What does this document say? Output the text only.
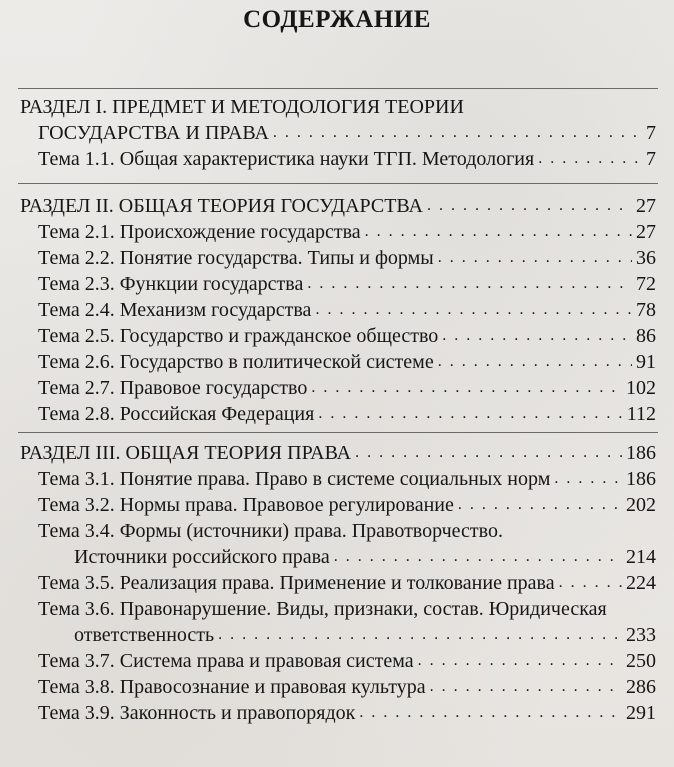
СОДЕРЖАНИЕ
РАЗДЕЛ I. ПРЕДМЕТ И МЕТОДОЛОГИЯ ТЕОРИИ
ГОСУДАРСТВА И ПРАВА . . .	7
Тема 1.1. Общая характеристика науки ТГП. Методология . . .	7
РАЗДЕЛ II. ОБЩАЯ ТЕОРИЯ ГОСУДАРСТВА . . .	27
Тема 2.1. Происхождение государства . . .	27
Тема 2.2. Понятие государства. Типы и формы . . .	36
Тема 2.3. Функции государства . . .	72
Тема 2.4. Механизм государства . . .	78
Тема 2.5. Государство и гражданское общество . . .	86
Тема 2.6. Государство в политической системе . . .	91
Тема 2.7. Правовое государство . . .	102
Тема 2.8. Российская Федерация . . .	112
РАЗДЕЛ III. ОБЩАЯ ТЕОРИЯ ПРАВА . . .	186
Тема 3.1. Понятие права. Право в системе социальных норм . . .	186
Тема 3.2. Нормы права. Правовое регулирование . . .	202
Тема 3.4. Формы (источники) права. Правотворчество.
Источники российского права . . .	214
Тема 3.5. Реализация права. Применение и толкование права . . .	224
Тема 3.6. Правонарушение. Виды, признаки, состав. Юридическая
ответственность . . .	233
Тема 3.7. Система права и правовая система . . .	250
Тема 3.8. Правосознание и правовая культура . . .	286
Тема 3.9. Законность и правопорядок . . .	291
